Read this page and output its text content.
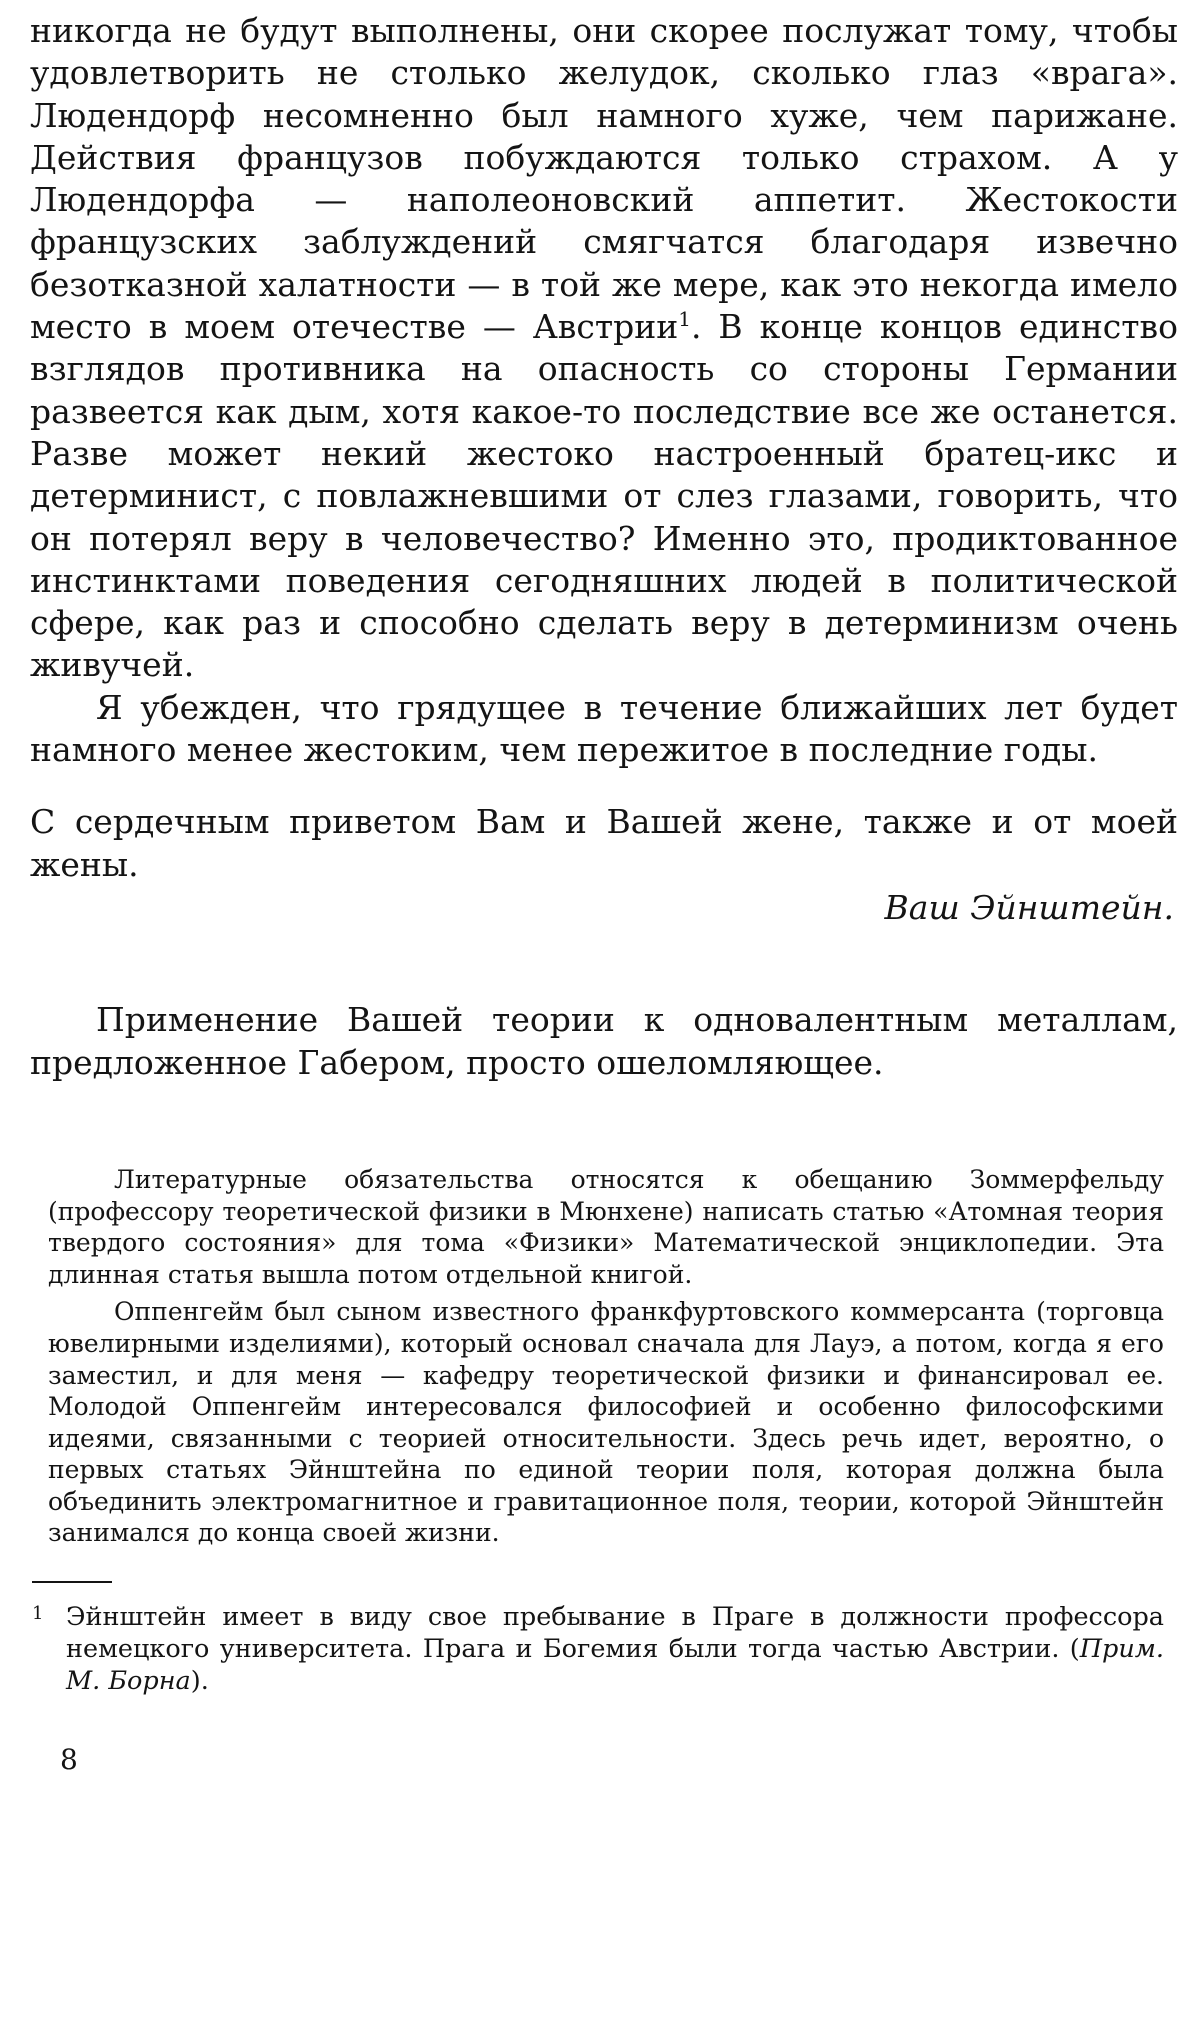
никогда не будут выполнены, они скорее послужат тому, чтобы удовлетворить не столько желудок, сколько глаз «врага». Людендорф несомненно был намного хуже, чем парижане. Действия французов побуждаются только страхом. А у Людендорфа — наполеоновский аппетит. Жестокости французских заблуждений смягчатся благодаря извечно безотказной халатности — в той же мере, как это некогда имело место в моем отечестве — Австрии$^1$. В конце концов единство взглядов противника на опасность со стороны Германии развеется как дым, хотя какое-то последствие все же останется. Разве может некий жестоко настроенный братец-икс и детерминист, с повлажневшими от слез глазами, говорить, что он потерял веру в человечество? Именно это, продиктованное инстинктами поведения сегодняшних людей в политической сфере, как раз и способно сделать веру в детерминизм очень живучей.

Я убежден, что грядущее в течение ближайших лет будет намного менее жестоким, чем пережитое в последние годы.

С сердечным приветом Вам и Вашей жене, также и от моей жены.

Ваш Эйнштейн.

Применение Вашей теории к одновалентным металлам, предложенное Габером, просто ошеломляющее.

Литературные обязательства относятся к обещанию Зоммерфельду (профессору теоретической физики в Мюнхене) написать статью «Атомная теория твердого состояния» для тома «Физики» Математической энциклопедии. Эта длинная статья вышла потом отдельной книгой.

Оппенгейм был сыном известного франкфуртовского коммерсанта (торговца ювелирными изделиями), который основал сначала для Лауэ, а потом, когда я его заместил, и для меня — кафедру теоретической физики и финансировал ее. Молодой Оппенгейм интересовался философией и особенно философскими идеями, связанными с теорией относительности. Здесь речь идет, вероятно, о первых статьях Эйнштейна по единой теории поля, которая должна была объединить электромагнитное и гравитационное поля, теории, которой Эйнштейн занимался до конца своей жизни.

1 Эйнштейн имеет в виду свое пребывание в Праге в должности профессора немецкого университета. Прага и Богемия были тогда частью Австрии. (Прим. М. Борна).
8
